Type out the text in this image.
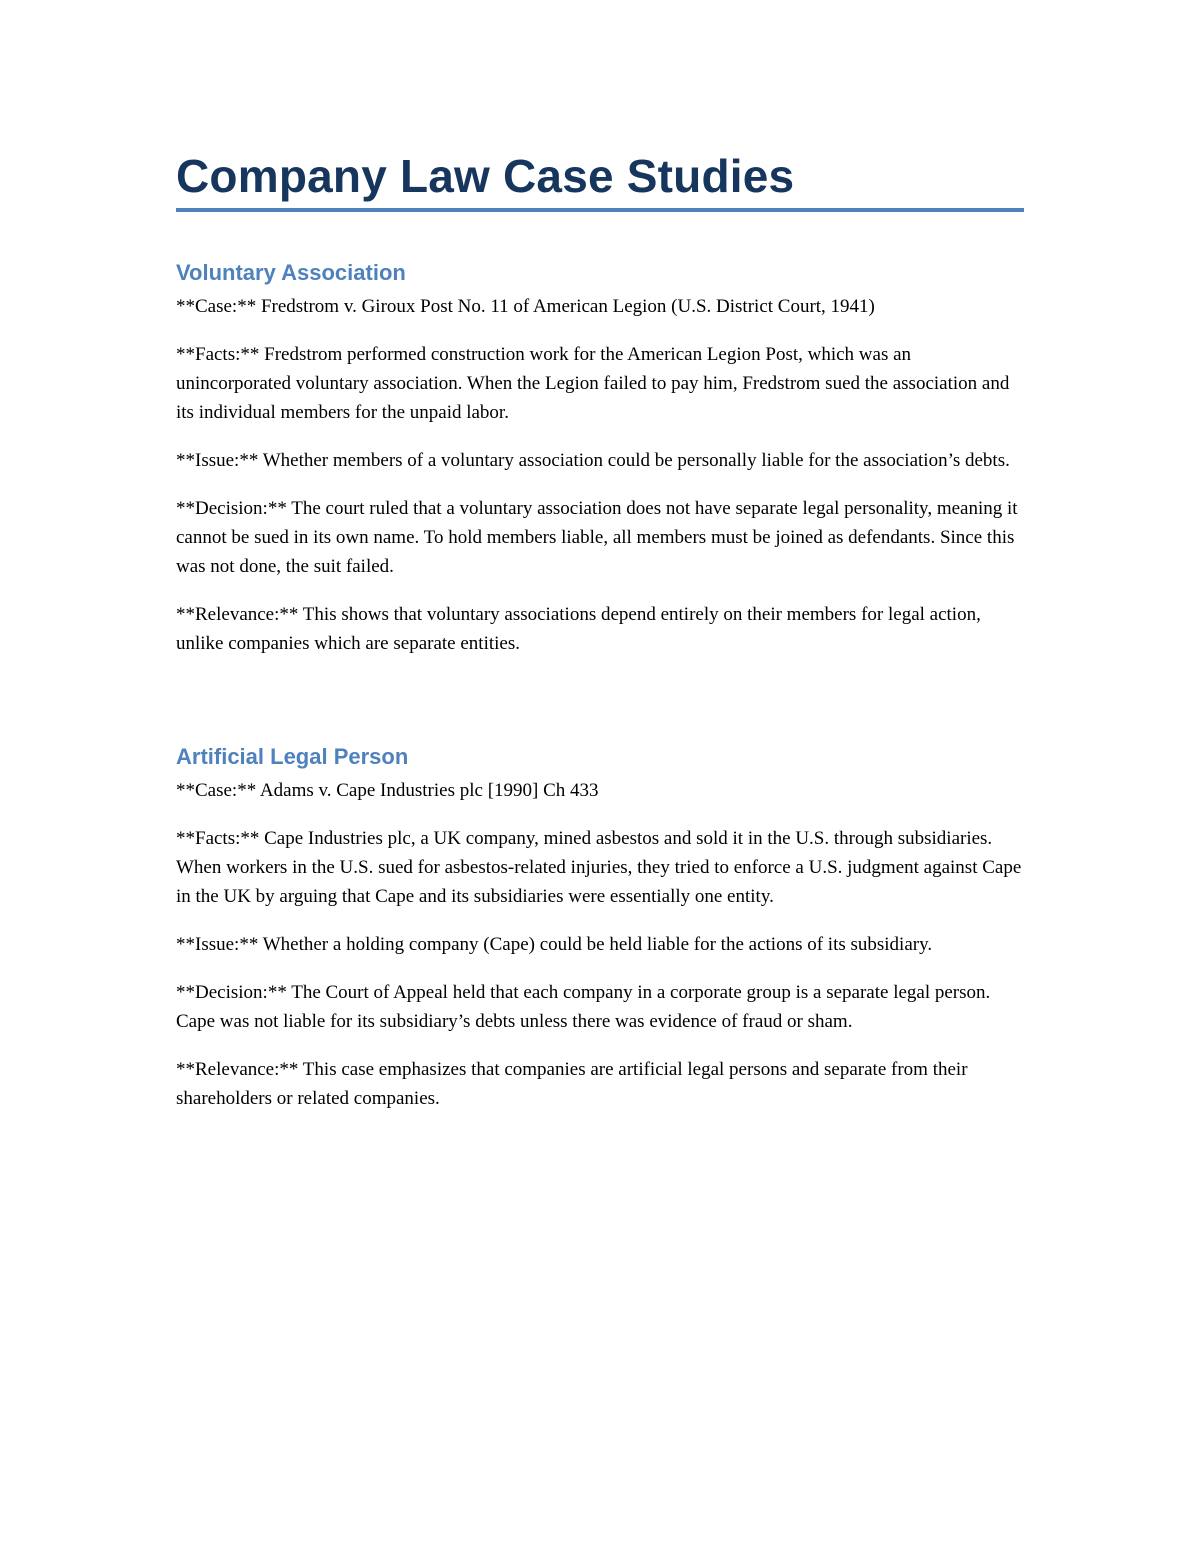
Company Law Case Studies
Voluntary Association

**Case:** Fredstrom v. Giroux Post No. 11 of American Legion (U.S. District Court, 1941)

**Facts:** Fredstrom performed construction work for the American Legion Post, which was an unincorporated voluntary association. When the Legion failed to pay him, Fredstrom sued the association and its individual members for the unpaid labor.

**Issue:** Whether members of a voluntary association could be personally liable for the association’s debts.

**Decision:** The court ruled that a voluntary association does not have separate legal personality, meaning it cannot be sued in its own name. To hold members liable, all members must be joined as defendants. Since this was not done, the suit failed.

**Relevance:** This shows that voluntary associations depend entirely on their members for legal action, unlike companies which are separate entities.

Artificial Legal Person

**Case:** Adams v. Cape Industries plc [1990] Ch 433

**Facts:** Cape Industries plc, a UK company, mined asbestos and sold it in the U.S. through subsidiaries. When workers in the U.S. sued for asbestos-related injuries, they tried to enforce a U.S. judgment against Cape in the UK by arguing that Cape and its subsidiaries were essentially one entity.

**Issue:** Whether a holding company (Cape) could be held liable for the actions of its subsidiary.

**Decision:** The Court of Appeal held that each company in a corporate group is a separate legal person. Cape was not liable for its subsidiary’s debts unless there was evidence of fraud or sham.

**Relevance:** This case emphasizes that companies are artificial legal persons and separate from their shareholders or related companies.
